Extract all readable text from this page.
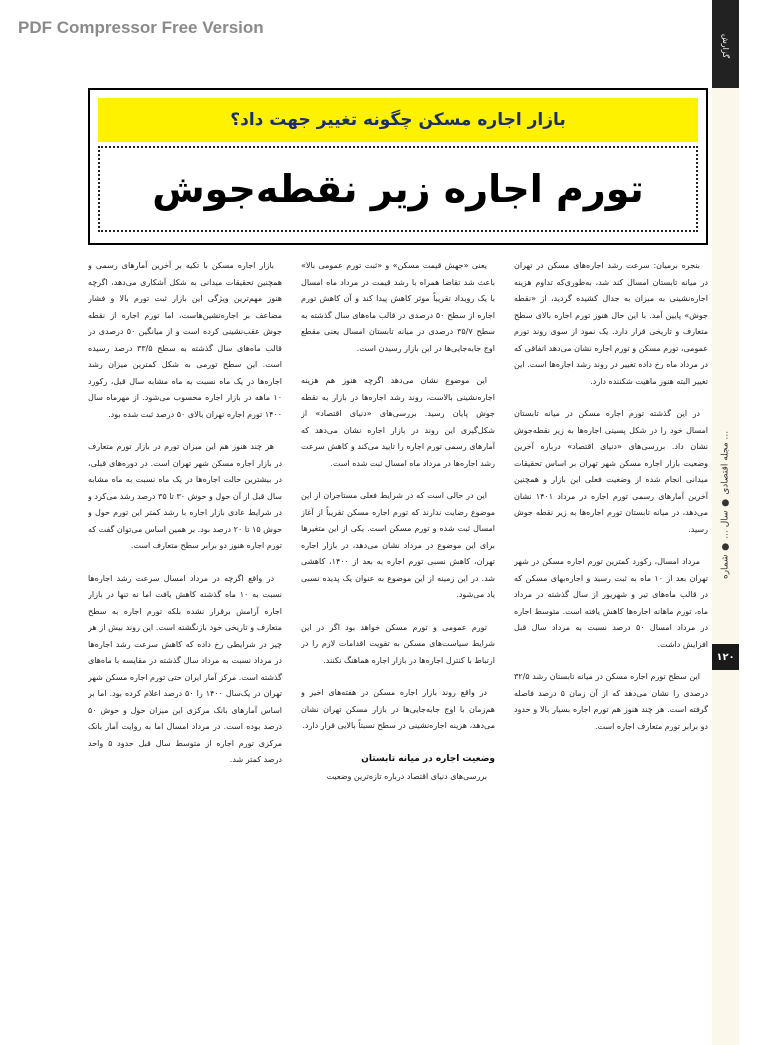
PDF Compressor Free Version
گزارش
مجله اقتصادی ● سال ... ● شماره ...
۱۲۰
بازار اجاره مسکن چگونه تغییر جهت داد؟
تورم اجاره زیر نقطه‌جوش

بنجره برمیان: سرعت رشد اجاره‌های مسکن در تهران در میانه تابستان امسال کند شد، به‌طوری‌که تداوم هزینه اجاره‌نشینی به میزان به جدال کشیده گردید، از «نقطه جوش» پایین آمد. با این حال هنوز تورم اجاره بالای سطح متعارف و تاریخی قرار دارد. یک نمود از سوی روند تورم عمومی، تورم مسکن و تورم اجاره نشان می‌دهد اتفاقی که در مرداد ماه رخ داده تغییر در روند رشد اجاره‌ها است. این تغییر البته هنوز ماهیت شکننده دارد.

در این گذشته تورم اجاره مسکن در میانه تابستان امسال خود را در شکل پسینی اجاره‌ها به زیر نقطه‌جوش نشان داد. بررسی‌های «دنیای اقتصاد» درباره آخرین وضعیت بازار اجاره مسکن شهر تهران بر اساس تحقیقات میدانی انجام شده از وضعیت فعلی این بازار و همچنین آخرین آمارهای رسمی تورم اجاره در مرداد ۱۴۰۱ نشان می‌دهد، در میانه تابستان تورم اجاره‌ها به زیر نقطه جوش رسید.

مرداد امسال، رکورد کمترین تورم اجاره مسکن در شهر تهران بعد از ۱۰ ماه به ثبت رسید و اجاره‌بهای مسکن که در قالب ماه‌های تیر و شهریور از سال گذشته در مرداد ماه، تورم ماهانه اجاره‌ها کاهش یافته است. متوسط اجاره در مرداد امسال ۵۰ درصد نسبت به مرداد سال قبل افزایش داشت.

این سطح تورم اجاره مسکن در میانه تابستان رشد ۳۲/۵ درصدی را نشان می‌دهد که از آن زمان ۵ درصد فاصله گرفته است. هر چند هنوز هم تورم اجاره بسیار بالا و حدود دو برابر تورم متعارف اجاره است.

یعنی «جهش قیمت مسکن» و «ثبت تورم عمومی بالا» باعث شد تقاضا همراه با رشد قیمت در مرداد ماه امسال با یک رویداد تقریباً موثر کاهش پیدا کند و آن کاهش تورم اجاره از سطح ۵۰ درصدی در قالب ماه‌های سال گذشته به سطح ۳۵/۷ درصدی در میانه تابستان امسال یعنی مقطع اوج جابه‌جایی‌ها در این بازار رسیدن است.

این موضوع نشان می‌دهد اگرچه هنوز هم هزینه اجاره‌نشینی بالاست، روند رشد اجاره‌ها در بازار به نقطه جوش پایان رسید. بررسی‌های «دنیای اقتصاد» از شکل‌گیری این روند در بازار اجاره نشان می‌دهد که آمارهای رسمی تورم اجاره را تایید می‌کند و کاهش سرعت رشد اجاره‌ها در مرداد ماه امسال ثبت شده است.

این در حالی است که در شرایط فعلی مستاجران از این موضوع رضایت ندارند که تورم اجاره مسکن تقریباً از آغاز امسال ثبت شده و تورم مسکن است. یکی از این متغیرها برای این موضوع در مرداد نشان می‌دهد، در بازار اجاره تهران، کاهش نسبی تورم اجاره به بعد از ۱۴۰۰، کاهشی شد. در این زمینه از این موضوع به عنوان یک پدیده نسبی یاد می‌شود.

تورم عمومی و تورم مسکن خواهد بود اگر در این شرایط سیاست‌های مسکن به تقویت اقدامات لازم را در ارتباط با کنترل اجاره‌ها در بازار اجاره هماهنگ نکنند.

در واقع روند بازار اجاره مسکن در هفته‌های اخیر و هم‌زمان با اوج جابه‌جایی‌ها در بازار مسکن تهران نشان می‌دهد، هزینه اجاره‌نشینی در سطح نسبتاً بالایی قرار دارد.

وضعیت اجاره در میانه تابستان

بررسی‌های دنیای اقتصاد درباره تازه‌ترین وضعیت

بازار اجاره مسکن با تکیه بر آخرین آمارهای رسمی و همچنین تحقیقات میدانی به شکل آشکاری می‌دهد، اگرچه هنوز مهم‌ترین ویژگی این بازار ثبت تورم بالا و فشار مضاعف بر اجاره‌نشین‌هاست، اما تورم اجاره از نقطه جوش عقب‌نشینی کرده است و از میانگین ۵۰ درصدی در قالب ماه‌های سال گذشته به سطح ۳۳/۵ درصد رسیده است. این سطح تورمی به شکل کمترین میزان رشد اجاره‌ها در یک ماه نسبت به ماه مشابه سال قبل، رکورد ۱۰ ماهه در بازار اجاره محسوب می‌شود. از مهرماه سال ۱۴۰۰ تورم اجاره تهران بالای ۵۰ درصد ثبت شده بود.

هر چند هنوز هم این میزان تورم در بازار تورم متعارف در بازار اجاره مسکن شهر تهران است. در دوره‌های قبلی، در بیشترین حالت اجاره‌ها در یک ماه نسبت به ماه مشابه سال قبل از آن حول و حوش ۳۰ تا ۳۵ درصد رشد می‌کرد و در شرایط عادی بازار اجاره با رشد کمتر این تورم حول و حوش ۱۵ تا ۲۰ درصد بود. بر همین اساس می‌توان گفت که تورم اجاره هنوز دو برابر سطح متعارف است.

در واقع اگرچه در مرداد امسال سرعت رشد اجاره‌ها نسبت به ۱۰ ماه گذشته کاهش یافت اما نه تنها در بازار اجاره آرامش برقرار نشده بلکه تورم اجاره به سطح متعارف و تاریخی خود بازنگشته است. این روند بیش از هر چیز در شرایطی رخ داده که کاهش سرعت رشد اجاره‌ها در مرداد نسبت به مرداد سال گذشته در مقایسه با ماه‌های گذشته است. مرکز آمار ایران حتی تورم اجاره مسکن شهر تهران در یک‌سال ۱۴۰۰ را ۵۰ درصد اعلام کرده بود. اما بر اساس آمارهای بانک مرکزی این میزان حول و حوش ۵۰ درصد بوده است. در مرداد امسال اما به روایت آمار بانک مرکزی تورم اجاره از متوسط سال قبل حدود ۵ واحد درصد کمتر شد.
